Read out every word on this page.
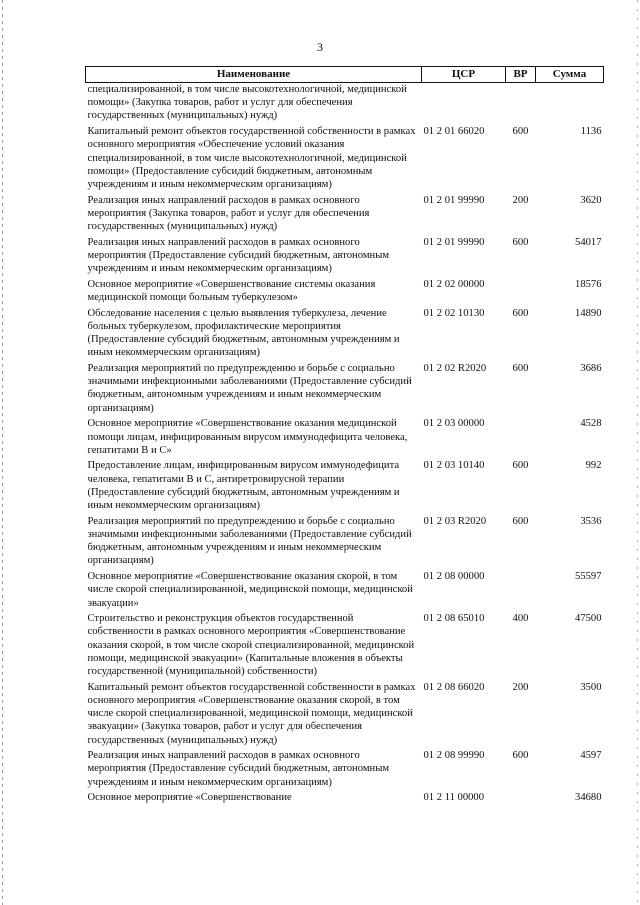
3
Наименование	ЦСР	ВР	Сумма
специализированной, в том числе высокотехнологичной, медицинской помощи» (Закупка товаров, работ и услуг для обеспечения государственных (муниципальных) нужд)			
Капитальный ремонт объектов государственной собственности в рамках основного мероприятия «Обеспечение условий оказания специализированной, в том числе высокотехнологичной, медицинской помощи» (Предоставление субсидий бюджетным, автономным учреждениям и иным некоммерческим организациям)	01 2 01 66020	600	1136
Реализация иных направлений расходов в рамках основного мероприятия (Закупка товаров, работ и услуг для обеспечения государственных (муниципальных) нужд)	01 2 01 99990	200	3620
Реализация иных направлений расходов в рамках основного мероприятия (Предоставление субсидий бюджетным, автономным учреждениям и иным некоммерческим организациям)	01 2 01 99990	600	54017
Основное мероприятие «Совершенствование системы оказания медицинской помощи больным туберкулезом»	01 2 02 00000		18576
Обследование населения с целью выявления туберкулеза, лечение больных туберкулезом, профилактические мероприятия (Предоставление субсидий бюджетным, автономным учреждениям и иным некоммерческим организациям)	01 2 02 10130	600	14890
Реализация мероприятий по предупреждению и борьбе с социально значимыми инфекционными заболеваниями (Предоставление субсидий бюджетным, автономным учреждениям и иным некоммерческим организациям)	01 2 02 R2020	600	3686
Основное мероприятие «Совершенствование оказания медицинской помощи лицам, инфицированным вирусом иммунодефицита человека, гепатитами В и С»	01 2 03 00000		4528
Предоставление лицам, инфицированным вирусом иммунодефицита человека, гепатитами В и С, антиретровирусной терапии (Предоставление субсидий бюджетным, автономным учреждениям и иным некоммерческим организациям)	01 2 03 10140	600	992
Реализация мероприятий по предупреждению и борьбе с социально значимыми инфекционными заболеваниями (Предоставление субсидий бюджетным, автономным учреждениям и иным некоммерческим организациям)	01 2 03 R2020	600	3536
Основное мероприятие «Совершенствование оказания скорой, в том числе скорой специализированной, медицинской помощи, медицинской эвакуации»	01 2 08 00000		55597
Строительство и реконструкция объектов государственной собственности в рамках основного мероприятия «Совершенствование оказания скорой, в том числе скорой специализированной, медицинской помощи, медицинской эвакуации» (Капитальные вложения в объекты государственной (муниципальной) собственности)	01 2 08 65010	400	47500
Капитальный ремонт объектов государственной собственности в рамках основного мероприятия «Совершенствование оказания скорой, в том числе скорой специализированной, медицинской помощи, медицинской эвакуации» (Закупка товаров, работ и услуг для обеспечения государственных (муниципальных) нужд)	01 2 08 66020	200	3500
Реализация иных направлений расходов в рамках основного мероприятия (Предоставление субсидий бюджетным, автономным учреждениям и иным некоммерческим организациям)	01 2 08 99990	600	4597
Основное мероприятие «Совершенствование	01 2 11 00000		34680
